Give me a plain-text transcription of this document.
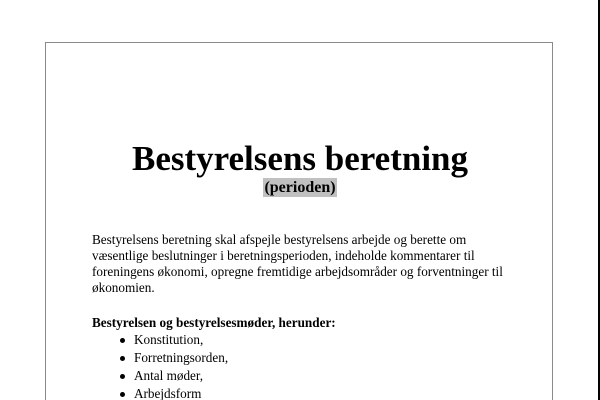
Bestyrelsens beretning
(perioden)

Bestyrelsens beretning skal afspejle bestyrelsens arbejde og berette om væsentlige beslutninger i beretningsperioden, indeholde kommentarer til foreningens økonomi, opregne fremtidige arbejdsområder og forventninger til økonomien.

Bestyrelsen og bestyrelsesmøder, herunder:

Konstitution,
Forretningsorden,
Antal møder,
Arbejdsform
